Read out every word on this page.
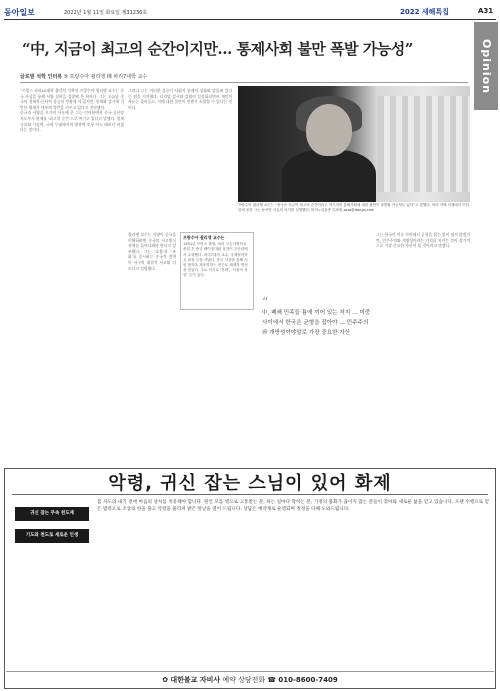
동아일보	2022년 1월 11일 화요일 제31236호	2022 새해특집	A31
Opinion
“中, 지금이 최고의 순간이지만… 통제사회 불만 폭발 가능성”
글로벌 석학 인터뷰 ⑤ 프랑수아 쥘리앵 佛 파리7대학 교수

“프랑스 파리10대학 출신의 석학인 프랑수아 쥘리앵 교수는 중국 사상을 통해 서양 철학을 성찰해 온 학자다. 그는 오늘날 중국이 경제적·군사적 성공의 정점에 서 있지만, 통제와 감시에 기반한 체제가 내부의 불만을 키우고 있다고 진단했다.

중국과 서양을 오가며 사유해 온 그는 인터뷰에서 중국 공산당 지도부가 현재를 ‘최고의 순간’으로 여기고 있다고 말했다. 경제 규모와 기술력, 국제 무대에서의 영향력 모두 어느 때보다 커졌다는 것이다.

그러나 그는 이러한 성공이 사회적 통제의 강화와 맞물려 있다는 점을 지적했다. 디지털 감시와 검열이 일상화되면서 개인의 자유는 줄어들고, 이에 대한 불만이 언젠가 폭발할 수 있다는 것이다.

쥘리앵 교수는 서양이 중국을 이해하려면 중국의 사고방식 자체를 들여다봐야 한다고 강조했다. 그는 ‘효율’과 ‘조화’를 중시하는 중국적 전략이 서구의 대결적 사고와 다르다고 설명했다.

프랑수아 쥘리앵 교수는 “중국은 지금이 최고의 순간이라고 여기지만 통제사회에 대한 불만이 폭발할 가능성도 있다”고 말했다. 파리 자택 서재에서 인터뷰에 응한 그는 동서양 사유의 차이를 설명했다. 파리=김윤종 특파원 zozo@donga.com
프랑수아 쥘리앵 교수는
1951년 프랑스 출생. 파리 고등사범학교 졸업 후 중국 베이징대와 상하이 푸단대에서 수학했다. 파리7대학 교수, 국제철학학교 원장 등을 지냈다. 중국 사상을 통해 서양 철학을 재조명하는 연구로 세계적 명성을 얻었다. 주요 저서로 ‘전략’, ‘사물의 성향’ 등이 있다.
“
中, 폐쇄 민족들 틈에 끼어 있는 처지 … 미중 사이에서 한국은 균형을 잡아야 … 민주주의와 개방성이야말로 가장 중요한 자산

그는 한국이 미중 사이에서 균형을 잡는 일이 쉽지 않겠지만, 민주주의와 개방성이라는 가치를 지키는 것이 장기적으로 가장 중요한 자산이 될 것이라고 말했다.

귀신 잡는 무속 천도재
기도와 천도로 새로운 인생
몸 자도의 내기 전에 마음의 상처를 치유해야 합니다. 원인 모를 병으로 고통받는 분, 하는 일마다 막히는 분, 가정의 불화가 끊이지 않는 분들이 찾아와 새로운 삶을 얻고 있습니다. 오랜 수행으로 얻은 법력으로 조상의 한을 풀고 악령을 물리쳐 밝은 앞날을 열어 드립니다. 상담은 예약제로 운영되며 정성을 다해 도와드립니다.
악령, 귀신 잡는 스님이 있어 화제
✿ 대한불교 자비사 예약 상담전화 ☎ 010-8600-7409
